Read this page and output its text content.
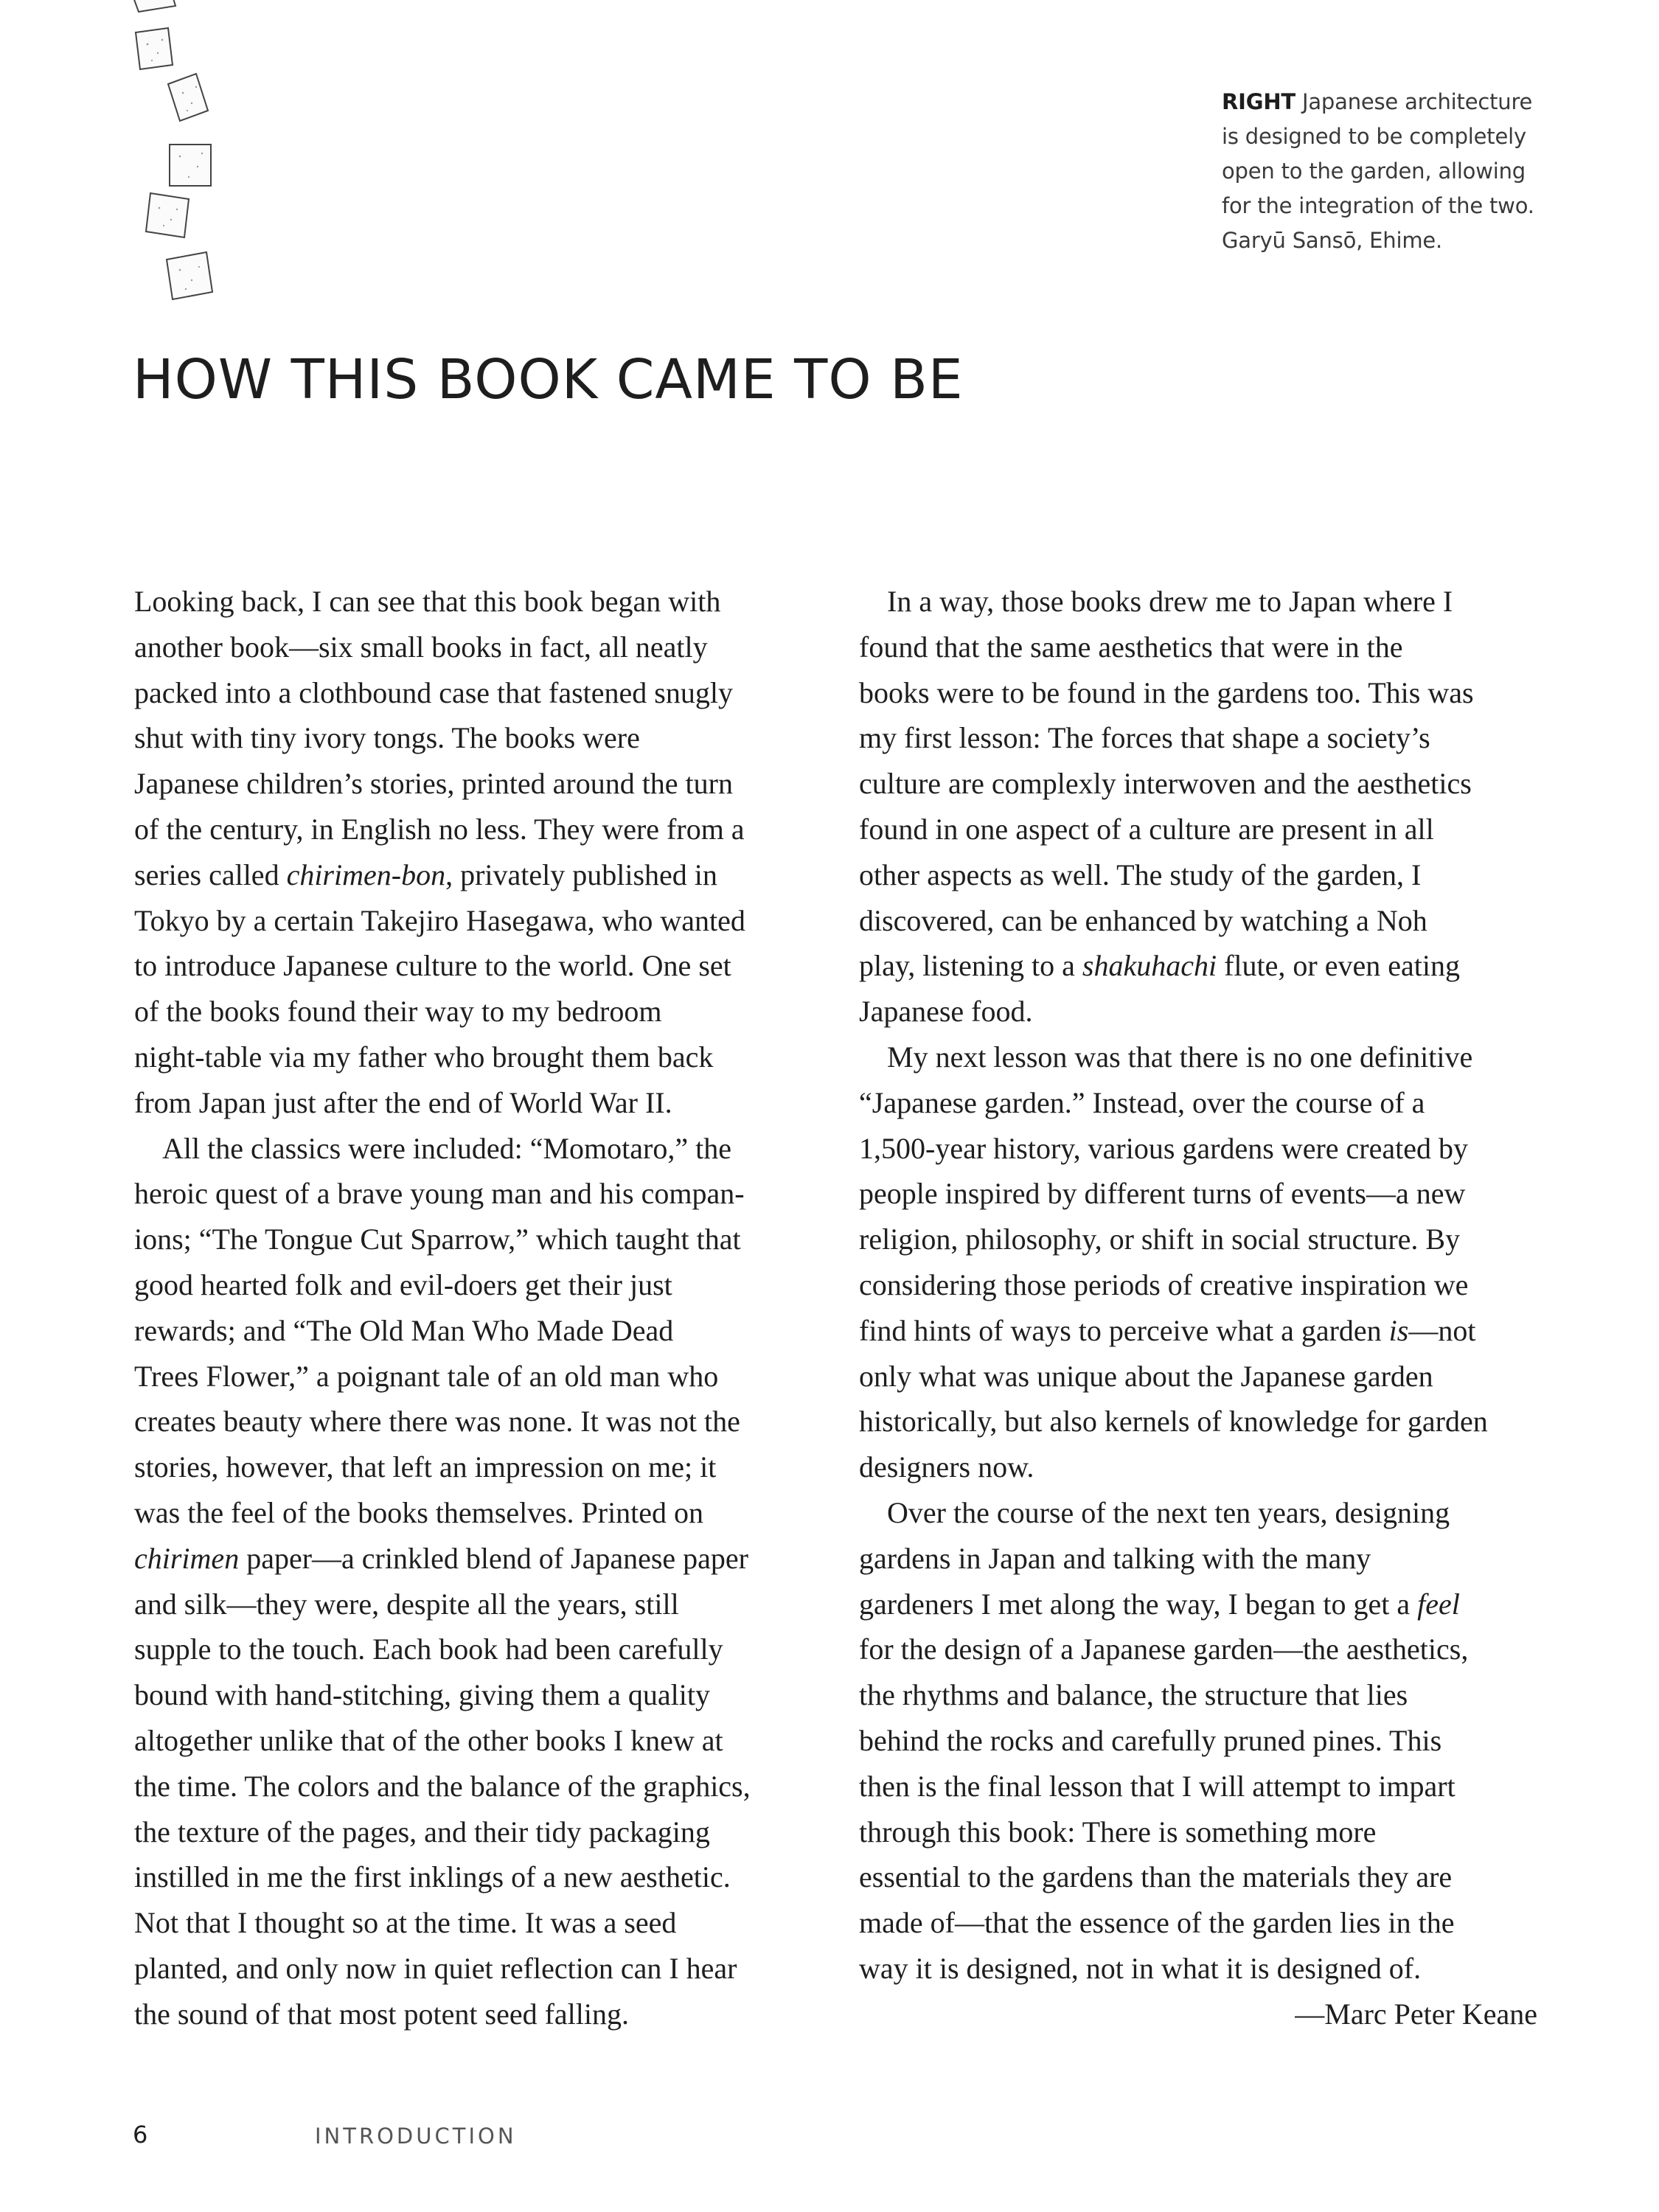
RIGHT Japanese architecture
is designed to be completely
open to the garden, allowing
for the integration of the two.
Garyū Sansō, Ehime.
HOW THIS BOOK CAME TO BE

Looking back, I can see that this book began with
another book—six small books in fact, all neatly
packed into a clothbound case that fastened snugly
shut with tiny ivory tongs. The books were
Japanese children’s stories, printed around the turn
of the century, in English no less. They were from a
series called chirimen-bon, privately published in
Tokyo by a certain Takejiro Hasegawa, who wanted
to introduce Japanese culture to the world. One set
of the books found their way to my bedroom
night-table via my father who brought them back
from Japan just after the end of World War II.

All the classics were included: “Momotaro,” the
heroic quest of a brave young man and his compan-
ions; “The Tongue Cut Sparrow,” which taught that
good hearted folk and evil-doers get their just
rewards; and “The Old Man Who Made Dead
Trees Flower,” a poignant tale of an old man who
creates beauty where there was none. It was not the
stories, however, that left an impression on me; it
was the feel of the books themselves. Printed on
chirimen paper—a crinkled blend of Japanese paper
and silk—they were, despite all the years, still
supple to the touch. Each book had been carefully
bound with hand-stitching, giving them a quality
altogether unlike that of the other books I knew at
the time. The colors and the balance of the graphics,
the texture of the pages, and their tidy packaging
instilled in me the first inklings of a new aesthetic.
Not that I thought so at the time. It was a seed
planted, and only now in quiet reflection can I hear
the sound of that most potent seed falling.

In a way, those books drew me to Japan where I
found that the same aesthetics that were in the
books were to be found in the gardens too. This was
my first lesson: The forces that shape a society’s
culture are complexly interwoven and the aesthetics
found in one aspect of a culture are present in all
other aspects as well. The study of the garden, I
discovered, can be enhanced by watching a Noh
play, listening to a shakuhachi flute, or even eating
Japanese food.

My next lesson was that there is no one definitive
“Japanese garden.” Instead, over the course of a
1,500-year history, various gardens were created by
people inspired by different turns of events—a new
religion, philosophy, or shift in social structure. By
considering those periods of creative inspiration we
find hints of ways to perceive what a garden is—not
only what was unique about the Japanese garden
historically, but also kernels of knowledge for garden
designers now.

Over the course of the next ten years, designing
gardens in Japan and talking with the many
gardeners I met along the way, I began to get a feel
for the design of a Japanese garden—the aesthetics,
the rhythms and balance, the structure that lies
behind the rocks and carefully pruned pines. This
then is the final lesson that I will attempt to impart
through this book: There is something more
essential to the gardens than the materials they are
made of—that the essence of the garden lies in the
way it is designed, not in what it is designed of.

—Marc Peter Keane
6	INTRODUCTION
